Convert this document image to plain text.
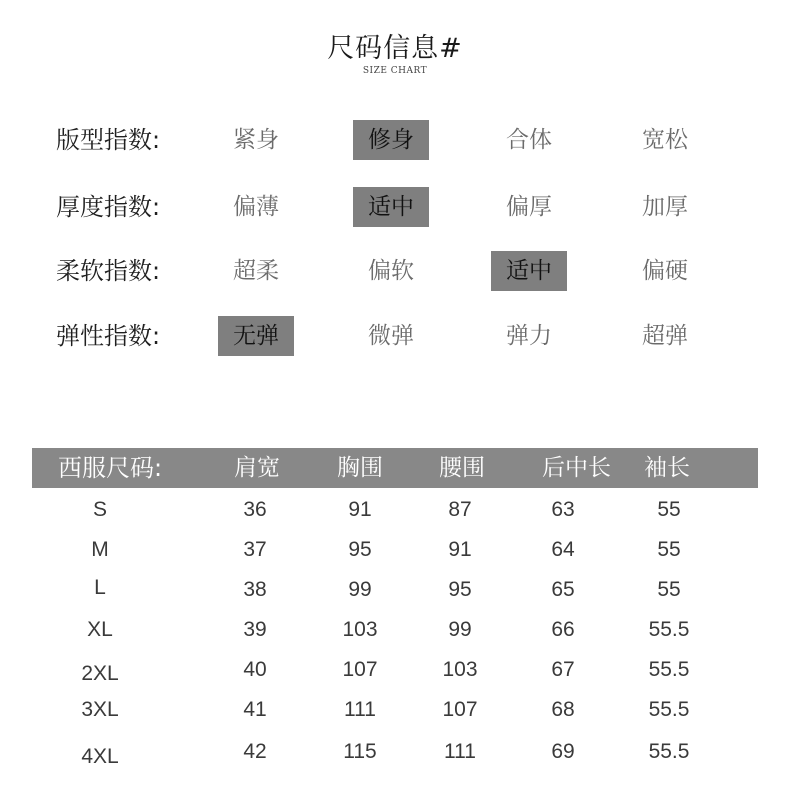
尺码信息#
SIZE CHART
版型指数:	紧身	修身	合体	宽松
厚度指数:	偏薄	适中	偏厚	加厚
柔软指数:	超柔	偏软	适中	偏硬
弹性指数:	无弹	微弹	弹力	超弹
西服尺码:	肩宽 胸围 腰围 后中长 袖长
S	36	91	87	63	55
M	37	95	91	64	55
L	38	99	95	65	55
XL	39	103	99	66	55.5
2XL	40	107	103	67	55.5
3XL	41	111	107	68	55.5
4XL	42	115	111	69	55.5
